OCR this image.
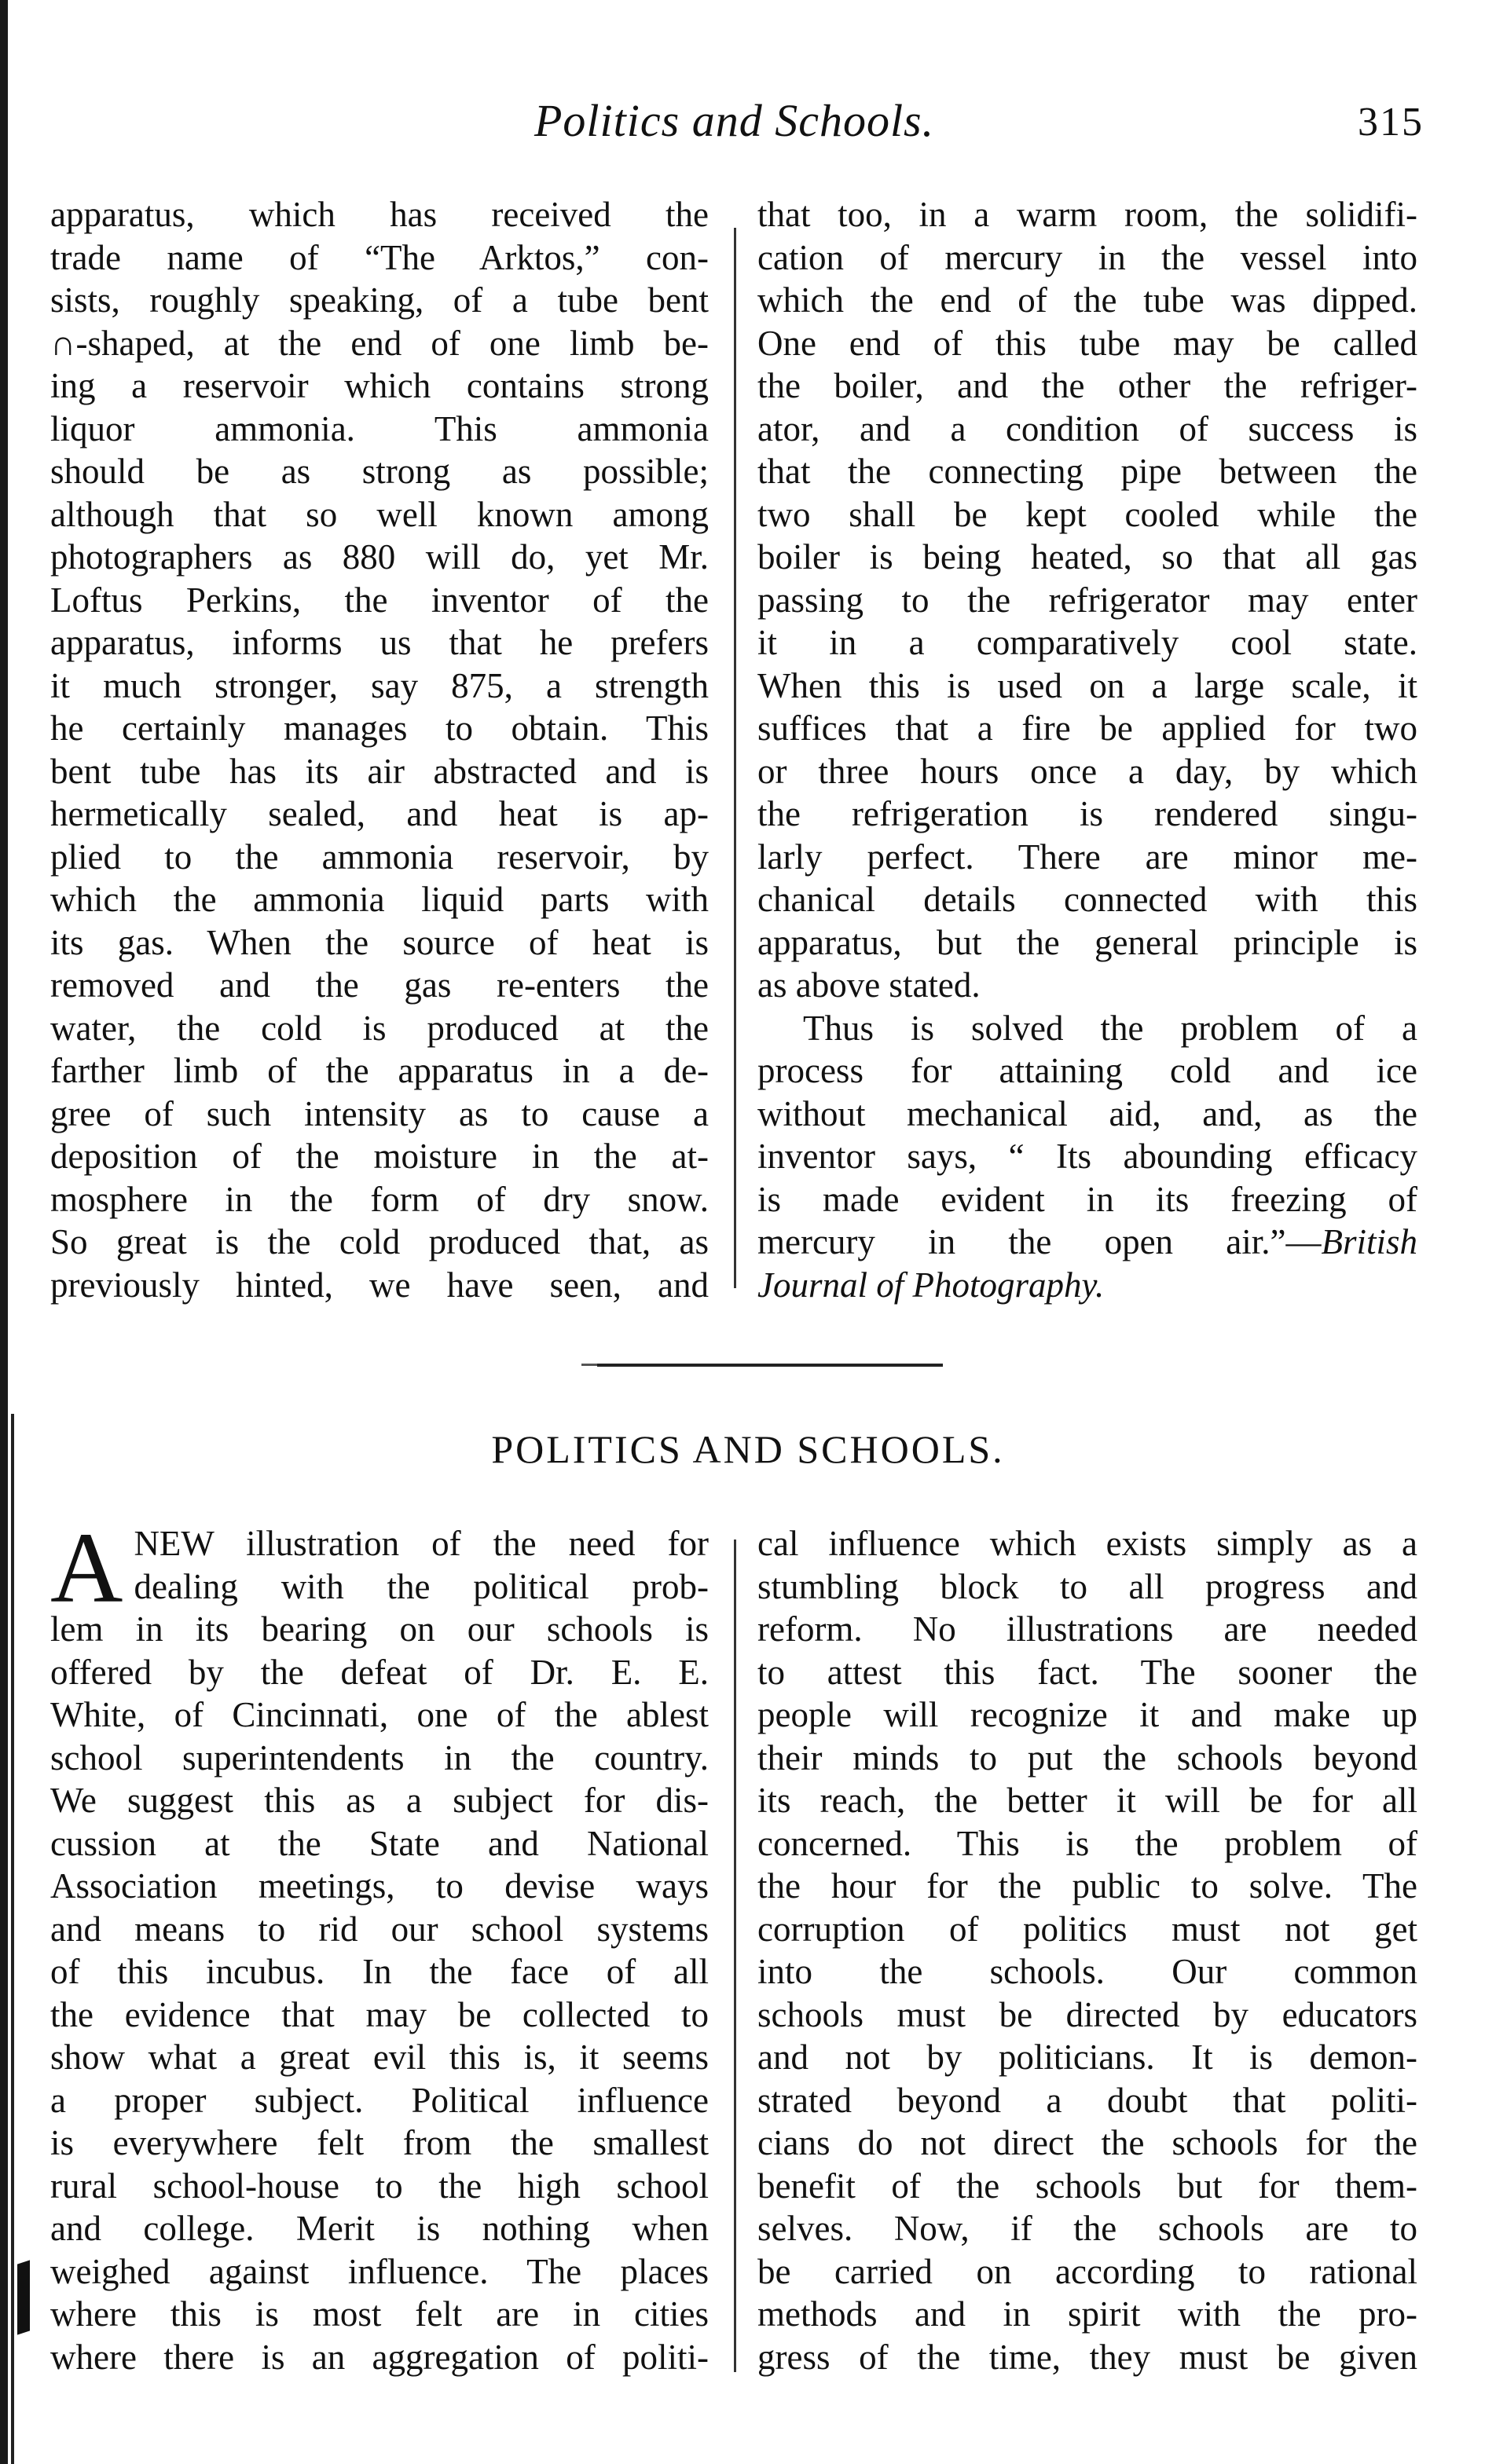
Politics and Schools.	315
apparatus, which has received the
trade name of “The Arktos,” con-
sists, roughly speaking, of a tube bent
∩-shaped, at the end of one limb be-
ing a reservoir which contains strong
liquor ammonia. This ammonia
should be as strong as possible;
although that so well known among
photographers as 880 will do, yet Mr.
Loftus Perkins, the inventor of the
apparatus, informs us that he prefers
it much stronger, say 875, a strength
he certainly manages to obtain. This
bent tube has its air abstracted and is
hermetically sealed, and heat is ap-
plied to the ammonia reservoir, by
which the ammonia liquid parts with
its gas. When the source of heat is
removed and the gas re-enters the
water, the cold is produced at the
farther limb of the apparatus in a de-
gree of such intensity as to cause a
deposition of the moisture in the at-
mosphere in the form of dry snow.
So great is the cold produced that, as
previously hinted, we have seen, and
that too, in a warm room, the solidifi-
cation of mercury in the vessel into
which the end of the tube was dipped.
One end of this tube may be called
the boiler, and the other the refriger-
ator, and a condition of success is
that the connecting pipe between the
two shall be kept cooled while the
boiler is being heated, so that all gas
passing to the refrigerator may enter
it in a comparatively cool state.
When this is used on a large scale, it
suffices that a fire be applied for two
or three hours once a day, by which
the refrigeration is rendered singu-
larly perfect. There are minor me-
chanical details connected with this
apparatus, but the general principle is
as above stated.
Thus is solved the problem of a
process for attaining cold and ice
without mechanical aid, and, as the
inventor says, “ Its abounding efficacy
is made evident in its freezing of
mercury in the open air.”—British
Journal of Photography.
POLITICS AND SCHOOLS.
A NEW illustration of the need for
dealing with the political prob-
lem in its bearing on our schools is
offered by the defeat of Dr. E. E.
White, of Cincinnati, one of the ablest
school superintendents in the country.
We suggest this as a subject for dis-
cussion at the State and National
Association meetings, to devise ways
and means to rid our school systems
of this incubus. In the face of all
the evidence that may be collected to
show what a great evil this is, it seems
a proper subject. Political influence
is everywhere felt from the smallest
rural school-house to the high school
and college. Merit is nothing when
weighed against influence. The places
where this is most felt are in cities
where there is an aggregation of politi-
cal influence which exists simply as a
stumbling block to all progress and
reform. No illustrations are needed
to attest this fact. The sooner the
people will recognize it and make up
their minds to put the schools beyond
its reach, the better it will be for all
concerned. This is the problem of
the hour for the public to solve. The
corruption of politics must not get
into the schools. Our common
schools must be directed by educators
and not by politicians. It is demon-
strated beyond a doubt that politi-
cians do not direct the schools for the
benefit of the schools but for them-
selves. Now, if the schools are to
be carried on according to rational
methods and in spirit with the pro-
gress of the time, they must be given
